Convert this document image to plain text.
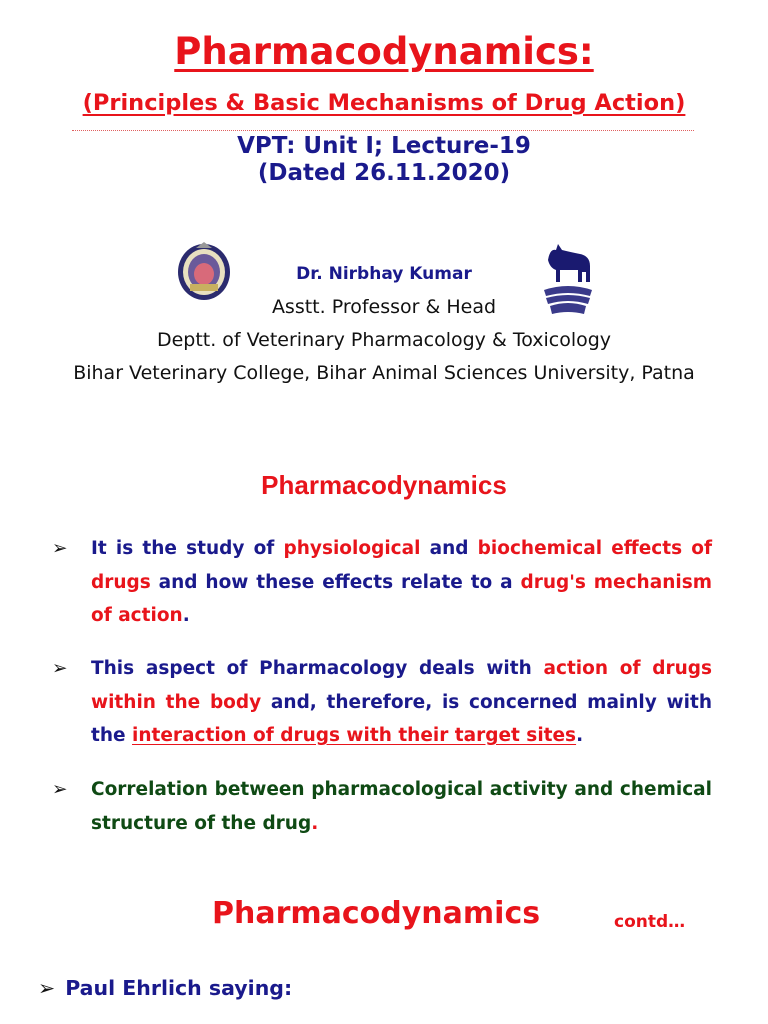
Pharmacodynamics:
(Principles & Basic Mechanisms of Drug Action)
VPT: Unit I; Lecture-19
(Dated 26.11.2020)
Dr. Nirbhay Kumar
Asstt. Professor & Head
Deptt. of Veterinary Pharmacology & Toxicology
Bihar Veterinary College, Bihar Animal Sciences University, Patna
Pharmacodynamics
➢	It is the study of physiological and biochemical effects of drugs and how these effects relate to a drug's mechanism of action.
➢	This aspect of Pharmacology deals with action of drugs within the body and, therefore, is concerned mainly with the interaction of drugs with their target sites.
➢	Correlation between pharmacological activity and chemical structure of the drug.
Pharmacodynamics	contd…
➢ Paul Ehrlich saying:
